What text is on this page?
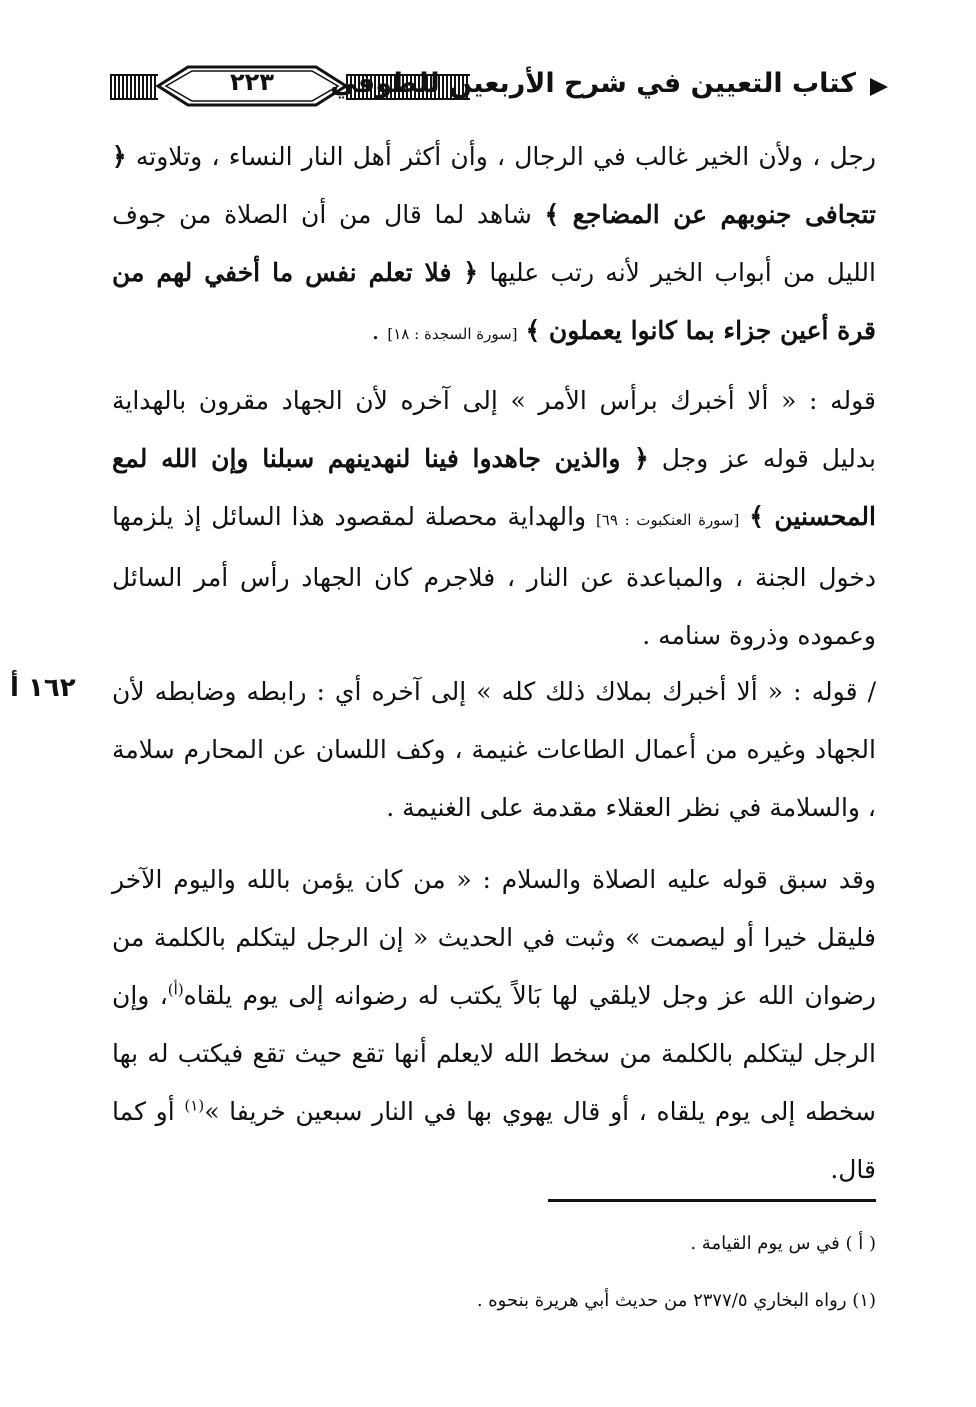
٢٢٣	كتاب التعيين في شرح الأربعين للطوفي

رجل ، ولأن الخير غالب في الرجال ، وأن أكثر أهل النار النساء ، وتلاوته ﴿ تتجافى جنوبهم عن المضاجع ﴾ شاهد لما قال من أن الصلاة من جوف الليل من أبواب الخير لأنه رتب عليها ﴿ فلا تعلم نفس ما أخفي لهم من قرة أعين جزاء بما كانوا يعملون ﴾ [سورة السجدة : ١٨] .

قوله : « ألا أخبرك برأس الأمر » إلى آخره لأن الجهاد مقرون بالهداية بدليل قوله عز وجل ﴿ والذين جاهدوا فينا لنهدينهم سبلنا وإن الله لمع المحسنين ﴾ [سورة العنكبوت : ٦٩] والهداية محصلة لمقصود هذا السائل إذ يلزمها دخول الجنة ، والمباعدة عن النار ، فلاجرم كان الجهاد رأس أمر السائل وعموده وذروة سنامه .

١٦٢ أ / قوله : « ألا أخبرك بملاك ذلك كله » إلى آخره أي : رابطه وضابطه لأن الجهاد وغيره من أعمال الطاعات غنيمة ، وكف اللسان عن المحارم سلامة ، والسلامة في نظر العقلاء مقدمة على الغنيمة .

وقد سبق قوله عليه الصلاة والسلام : « من كان يؤمن بالله واليوم الآخر فليقل خيرا أو ليصمت » وثبت في الحديث « إن الرجل ليتكلم بالكلمة من رضوان الله عز وجل لايلقي لها بَالاً يكتب له رضوانه إلى يوم يلقاه$^{(أ)}$، وإن الرجل ليتكلم بالكلمة من سخط الله لايعلم أنها تقع حيث تقع فيكتب له بها سخطه إلى يوم يلقاه ، أو قال يهوي بها في النار سبعين خريفا »$^{(١)}$ أو كما قال.

( أ ) في س يوم القيامة .
(١) رواه البخاري ٢٣٧٧/٥ من حديث أبي هريرة بنحوه .
